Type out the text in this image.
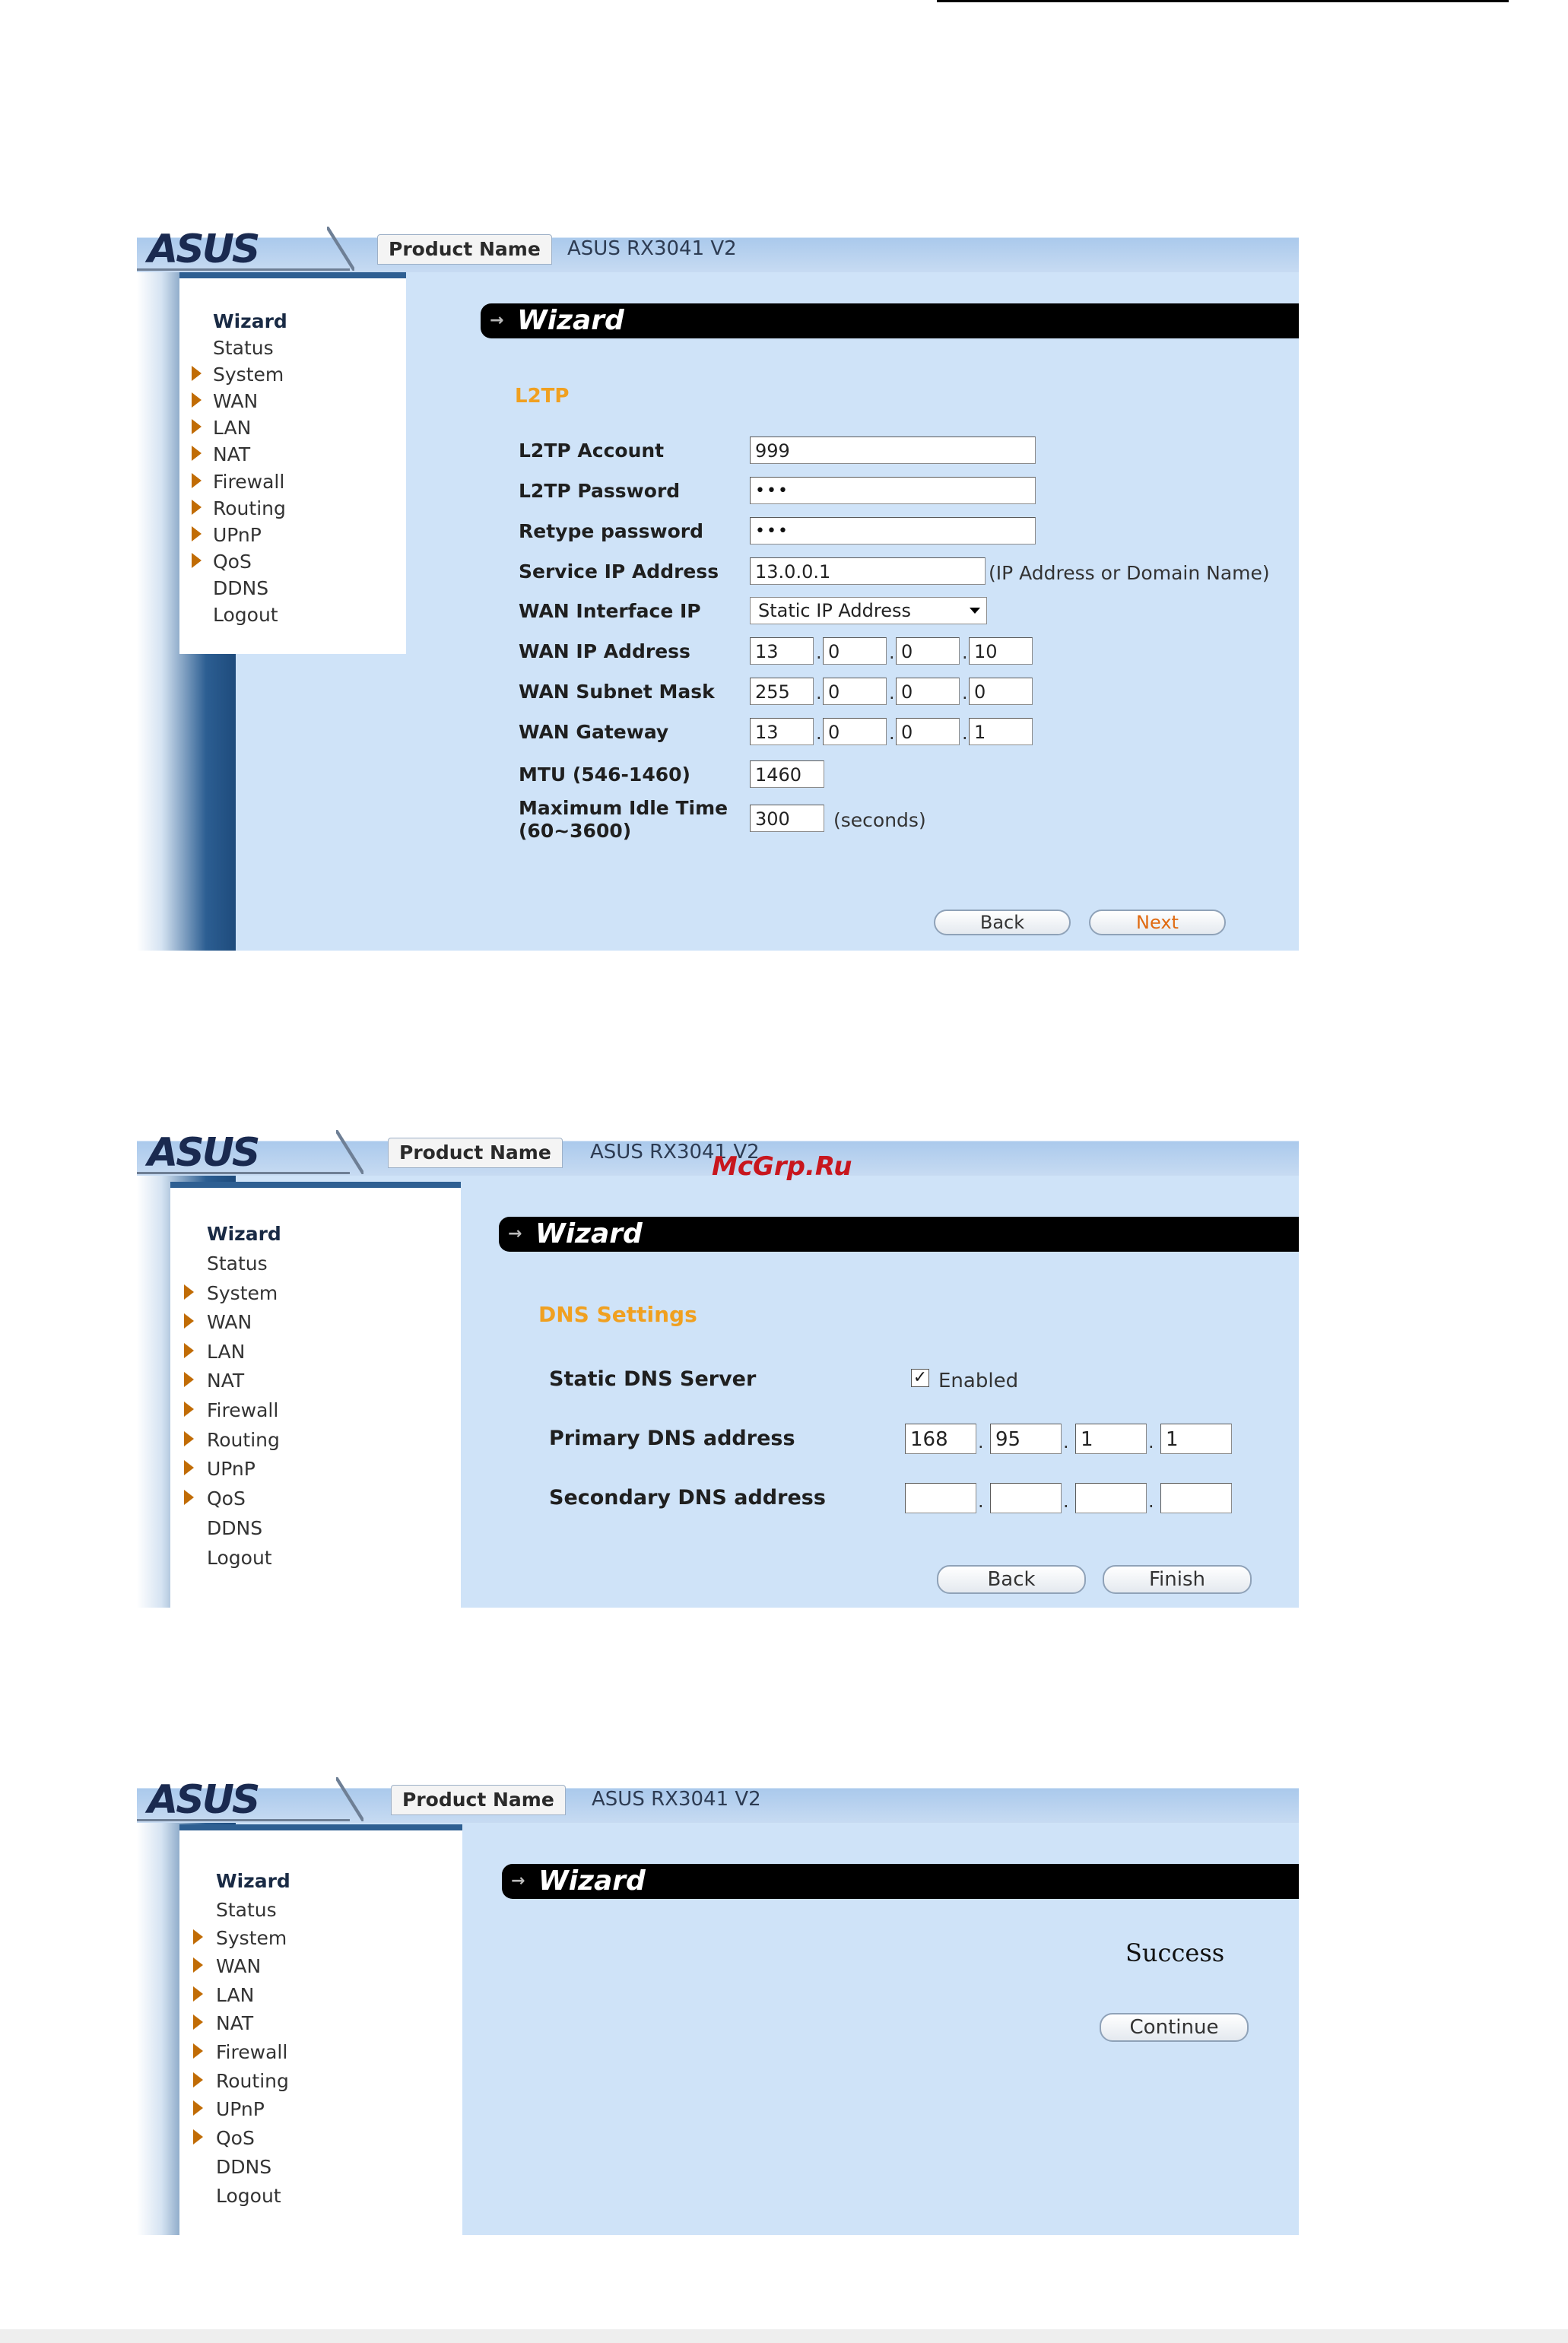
ASUS	Product Name	ASUS RX3041 V2
Wizard
Status
System
WAN
LAN
NAT
Firewall
Routing
UPnP
QoS
DDNS
Logout
→ Wizard
L2TP
L2TP Account	999
L2TP Password	•••
Retype password	•••
Service IP Address 13.0.0.1	(IP Address or Domain Name)
WAN Interface IP	Static IP Address
WAN IP Address	13	. 0	. 0	. 10
WAN Subnet Mask 255	. 0	. 0	. 0
WAN Gateway	13	. 0	. 0	. 1
MTU (546-1460)	1460
Maximum Idle Time
(60~3600)
300	(seconds)
Back	Next
ASUS	Product Name	ASUS RX3041 V2
McGrp.Ru
Wizard
Status
System
WAN
LAN
NAT
Firewall
Routing
UPnP
QoS
DDNS
Logout
→ Wizard
DNS Settings
Static DNS Server	✓ Enabled
Primary DNS address	168	. 95	. 1	. 1
Secondary DNS address	.	.	.
Back	Finish
ASUS	Product Name	ASUS RX3041 V2
Wizard
Status
System
WAN
LAN
NAT
Firewall
Routing
UPnP
QoS
DDNS
Logout
→ Wizard
Success
Continue
